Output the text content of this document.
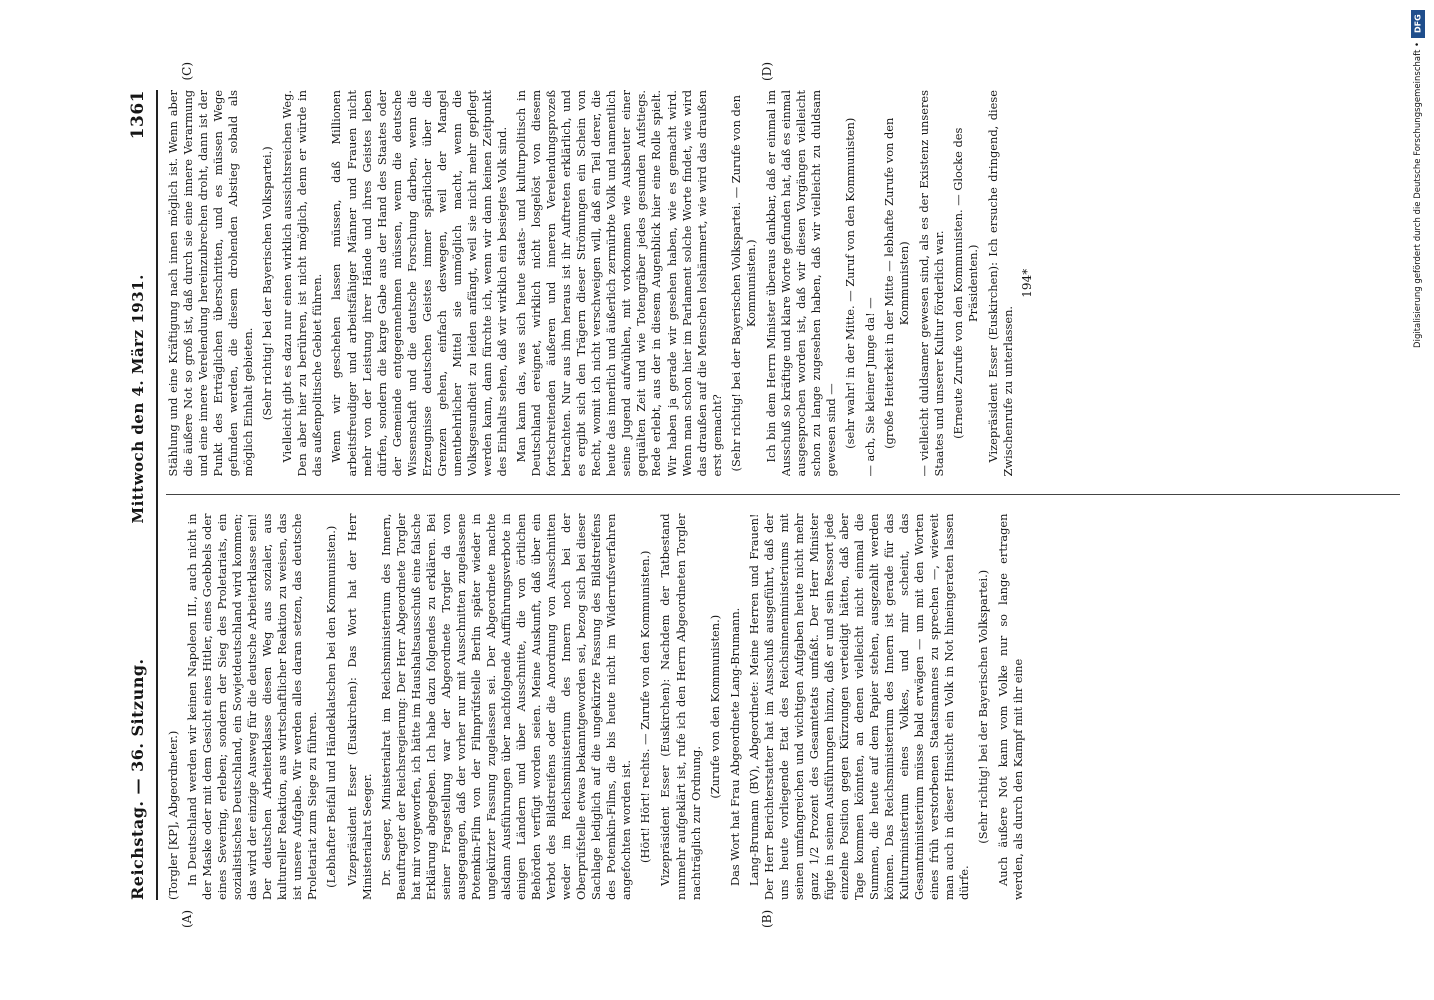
Reichstag. — 36. Sitzung.
Mittwoch den 4. März 1931.
1361
(A)	(B)
(C)	(D)

(Torgler [KP], Abgeordneter.) In Deutschland werden wir keinen Napoleon III., auch nicht in der Maske oder mit dem Gesicht eines Hitler, eines Goebbels oder eines Severing, erleben; sondern der Sieg des Proletariats, ein sozialistisches Deutschland, ein Sowjetdeutschland wird kommen; das wird der einzige Ausweg für die deutsche Arbeiterklasse sein! Der deutschen Arbeiterklasse diesen Weg aus sozialer, aus kultureller Reaktion, aus wirtschaftlicher Reaktion zu weisen, das ist unsere Aufgabe. Wir werden alles daran setzen, das deutsche Proletariat zum Siege zu führen. (Lebhafter Beifall und Händeklatschen bei den Kommunisten.) Vizepräsident Esser (Euskirchen): Das Wort hat der Herr Ministerialrat Seeger. Dr. Seeger, Ministerialrat im Reichsministerium des Innern, Beauftragter der Reichsregierung: Der Herr Abgeordnete Torgler hat mir vorgeworfen, ich hätte im Haushaltsausschuß eine falsche Erklärung abgegeben. Ich habe dazu folgendes zu erklären. Bei seiner Fragestellung war der Abgeordnete Torgler da von ausgegangen, daß der vorher nur mit Ausschnitten zugelassene Potemkin-Film von der Filmprüfstelle Berlin später wieder in ungekürzter Fassung zugelassen sei. Der Abgeordnete machte alsdann Ausführungen über nachfolgende Aufführungsverbote in einigen Ländern und über Ausschnitte, die von örtlichen Behörden verfügt worden seien. Meine Auskunft, daß über ein Verbot des Bildstreifens oder die Anordnung von Ausschnitten weder im Reichsministerium des Innern noch bei der Oberprüfstelle etwas bekanntgeworden sei, bezog sich bei dieser Sachlage lediglich auf die ungekürzte Fassung des Bildstreifens des Potemkin-Films, die bis heute nicht im Widerrufsverfahren angefochten worden ist. (Hört! Hört! rechts. — Zurufe von den Kommunisten.) Vizepräsident Esser (Euskirchen): Nachdem der Tatbestand nunmehr aufgeklärt ist, rufe ich den Herrn Abgeordneten Torgler nachträglich zur Ordnung.

(Zurufe von den Kommunisten.) Das Wort hat Frau Abgeordnete Lang-Brumann. Lang-Brumann (BV), Abgeordnete: Meine Herren und Frauen! Der Herr Berichterstatter hat im Ausschuß ausgeführt, daß der uns heute vorliegende Etat des Reichsinnenministeriums mit seinen umfangreichen und wichtigen Aufgaben heute nicht mehr ganz 1/2 Prozent des Gesamtetats umfaßt. Der Herr Minister fügte in seinen Ausführungen hinzu, daß er und sein Ressort jede einzelne Position gegen Kürzungen verteidigt hätten, daß aber Tage kommen könnten, an denen vielleicht nicht einmal die Summen, die heute auf dem Papier stehen, ausgezahlt werden können. Das Reichsministerium des Innern ist gerade für das Kulturministerium eines Volkes, und mir scheint, das Gesamtministerium müsse bald erwägen — um mit den Worten eines früh verstorbenen Staatsmannes zu sprechen —, wieweit man auch in dieser Hinsicht ein Volk in Not hineingeraten lassen dürfe.

(Sehr richtig! bei der Bayerischen Volkspartei.) Auch äußere Not kann vom Volke nur so lange ertragen werden, als durch den Kampf mit ihr eine

Stählung und eine Kräftigung nach innen möglich ist. Wenn aber die äußere Not so groß ist, daß durch sie eine innere Verarmung und eine innere Verelendung hereinzubrechen droht, dann ist der Punkt des Erträglichen überschritten, und es müssen Wege gefunden werden, die diesem drohenden Abstieg sobald als möglich Einhalt gebieten. (Sehr richtig! bei der Bayerischen Volkspartei.) Vielleicht gibt es dazu nur einen wirklich aussichtsreichen Weg. Den aber hier zu berühren, ist nicht möglich, denn er würde in das außenpolitische Gebiet führen. Wenn wir geschehen lassen müssen, daß Millionen arbeitsfreudiger und arbeitsfähiger Männer und Frauen nicht mehr von der Leistung ihrer Hände und ihres Geistes leben dürfen, sondern die karge Gabe aus der Hand des Staates oder der Gemeinde entgegennehmen müssen, wenn die deutsche Wissenschaft und die deutsche Forschung darben, wenn die Erzeugnisse deutschen Geistes immer spärlicher über die Grenzen gehen, einfach deswegen, weil der Mangel unentbehrlicher Mittel sie unmöglich macht, wenn die Volksgesundheit zu leiden anfängt, weil sie nicht mehr gepflegt werden kann, dann fürchte ich, wenn wir dann keinen Zeitpunkt des Einhalts sehen, daß wir wirklich ein besiegtes Volk sind. Man kann das, was sich heute staats- und kulturpolitisch in Deutschland ereignet, wirklich nicht losgelöst von diesem fortschreitenden äußeren und inneren Verelendungsprozeß betrachten. Nur aus ihm heraus ist ihr Auftreten erklärlich, und es ergibt sich den Trägern dieser Strömungen ein Schein von Recht, womit ich nicht verschweigen will, daß ein Teil derer, die heute das innerlich und äußerlich zermürbte Volk und namentlich seine Jugend aufwühlen, mit vorkommen wie Ausbeuter einer gequälten Zeit und wie Totengräber jedes gesunden Aufstiegs. Rede erlebt, aus der in diesem Augenblick hier eine Rolle spielt. Wir haben ja gerade wir gesehen haben, wie es gemacht wird. Wenn man schon hier im Parlament solche Worte findet, wie wird das draußen auf die Menschen loshämmert, wie wird das draußen erst gemacht? (Sehr richtig! bei der Bayerischen Volkspartei. — Zurufe von den Kommunisten.) Ich bin dem Herrn Minister überaus dankbar, daß er einmal im Ausschuß so kräftige und klare Worte gefunden hat, daß es einmal ausgesprochen worden ist, daß wir diesen Vorgängen vielleicht schon zu lange zugesehen haben, daß wir vielleicht zu duldsam gewesen sind — (sehr wahr! in der Mitte. — Zuruf von den Kommunisten) — ach, Sie kleiner Junge da! — (große Heiterkeit in der Mitte — lebhafte Zurufe von den Kommunisten) — vielleicht duldsamer gewesen sind, als es der Existenz unseres Staates und unserer Kultur förderlich war. (Erneute Zurufe von den Kommunisten. — Glocke des Präsidenten.) Vizepräsident Esser (Euskirchen): Ich ersuche dringend, diese Zwischenrufe zu unterlassen.

194*
DFG
Digitalisierung gefördert durch die Deutsche Forschungsgemeinschaft •
